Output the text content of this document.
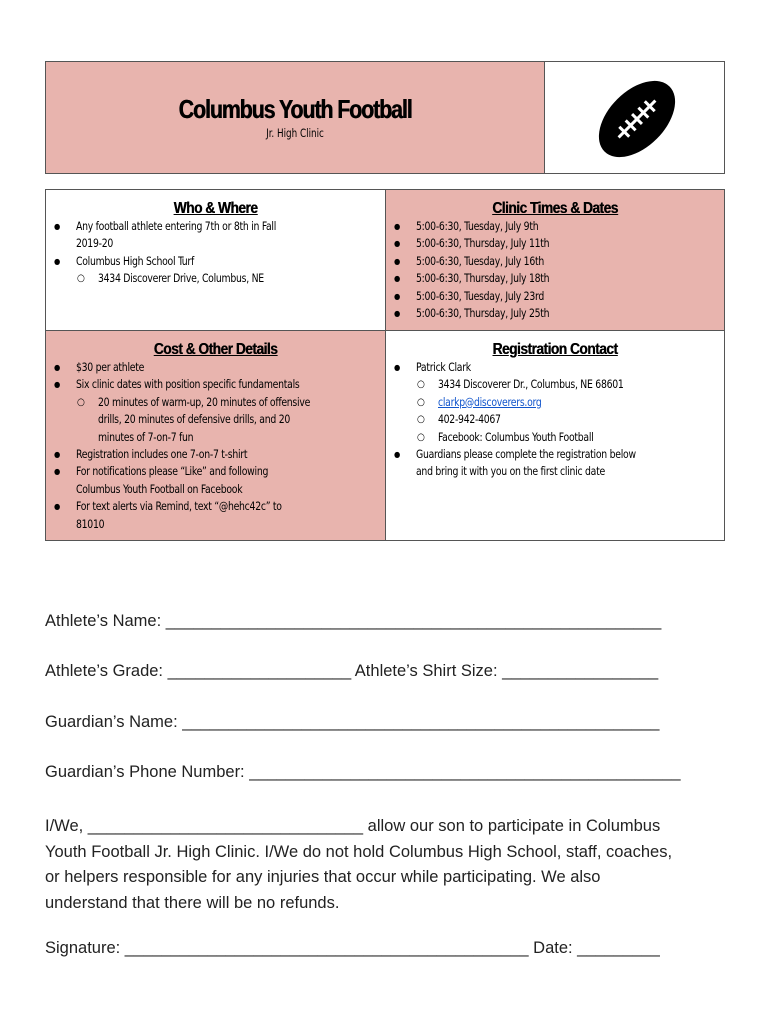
Columbus Youth Football
Jr. High Clinic
Who & Where
● Any football athlete entering 7th or 8th in Fall
2019-20
● Columbus High School Turf
○ 3434 Discoverer Drive, Columbus, NE
Clinic Times & Dates
● 5:00-6:30, Tuesday, July 9th
● 5:00-6:30, Thursday, July 11th
● 5:00-6:30, Tuesday, July 16th
● 5:00-6:30, Thursday, July 18th
● 5:00-6:30, Tuesday, July 23rd
● 5:00-6:30, Thursday, July 25th
Cost & Other Details
● $30 per athlete
● Six clinic dates with position specific fundamentals
○ 20 minutes of warm-up, 20 minutes of offensive
drills, 20 minutes of defensive drills, and 20
minutes of 7-on-7 fun
● Registration includes one 7-on-7 t-shirt
● For notifications please “Like” and following
Columbus Youth Football on Facebook
● For text alerts via Remind, text “@hehc42c” to
81010
Registration Contact
● Patrick Clark
○ 3434 Discoverer Dr., Columbus, NE 68601
○ clarkp@discoverers.org
○ 402-942-4067
○ Facebook: Columbus Youth Football
● Guardians please complete the registration below
and bring it with you on the first clinic date
Athlete’s Name: ______________________________________________________
Athlete’s Grade: ____________________ Athlete’s Shirt Size: _________________
Guardian’s Name: ____________________________________________________
Guardian’s Phone Number: _______________________________________________
I/We, ______________________________ allow our son to participate in Columbus
Youth Football Jr. High Clinic. I/We do not hold Columbus High School, staff, coaches,
or helpers responsible for any injuries that occur while participating. We also
understand that there will be no refunds.
Signature: ____________________________________________ Date: _________
